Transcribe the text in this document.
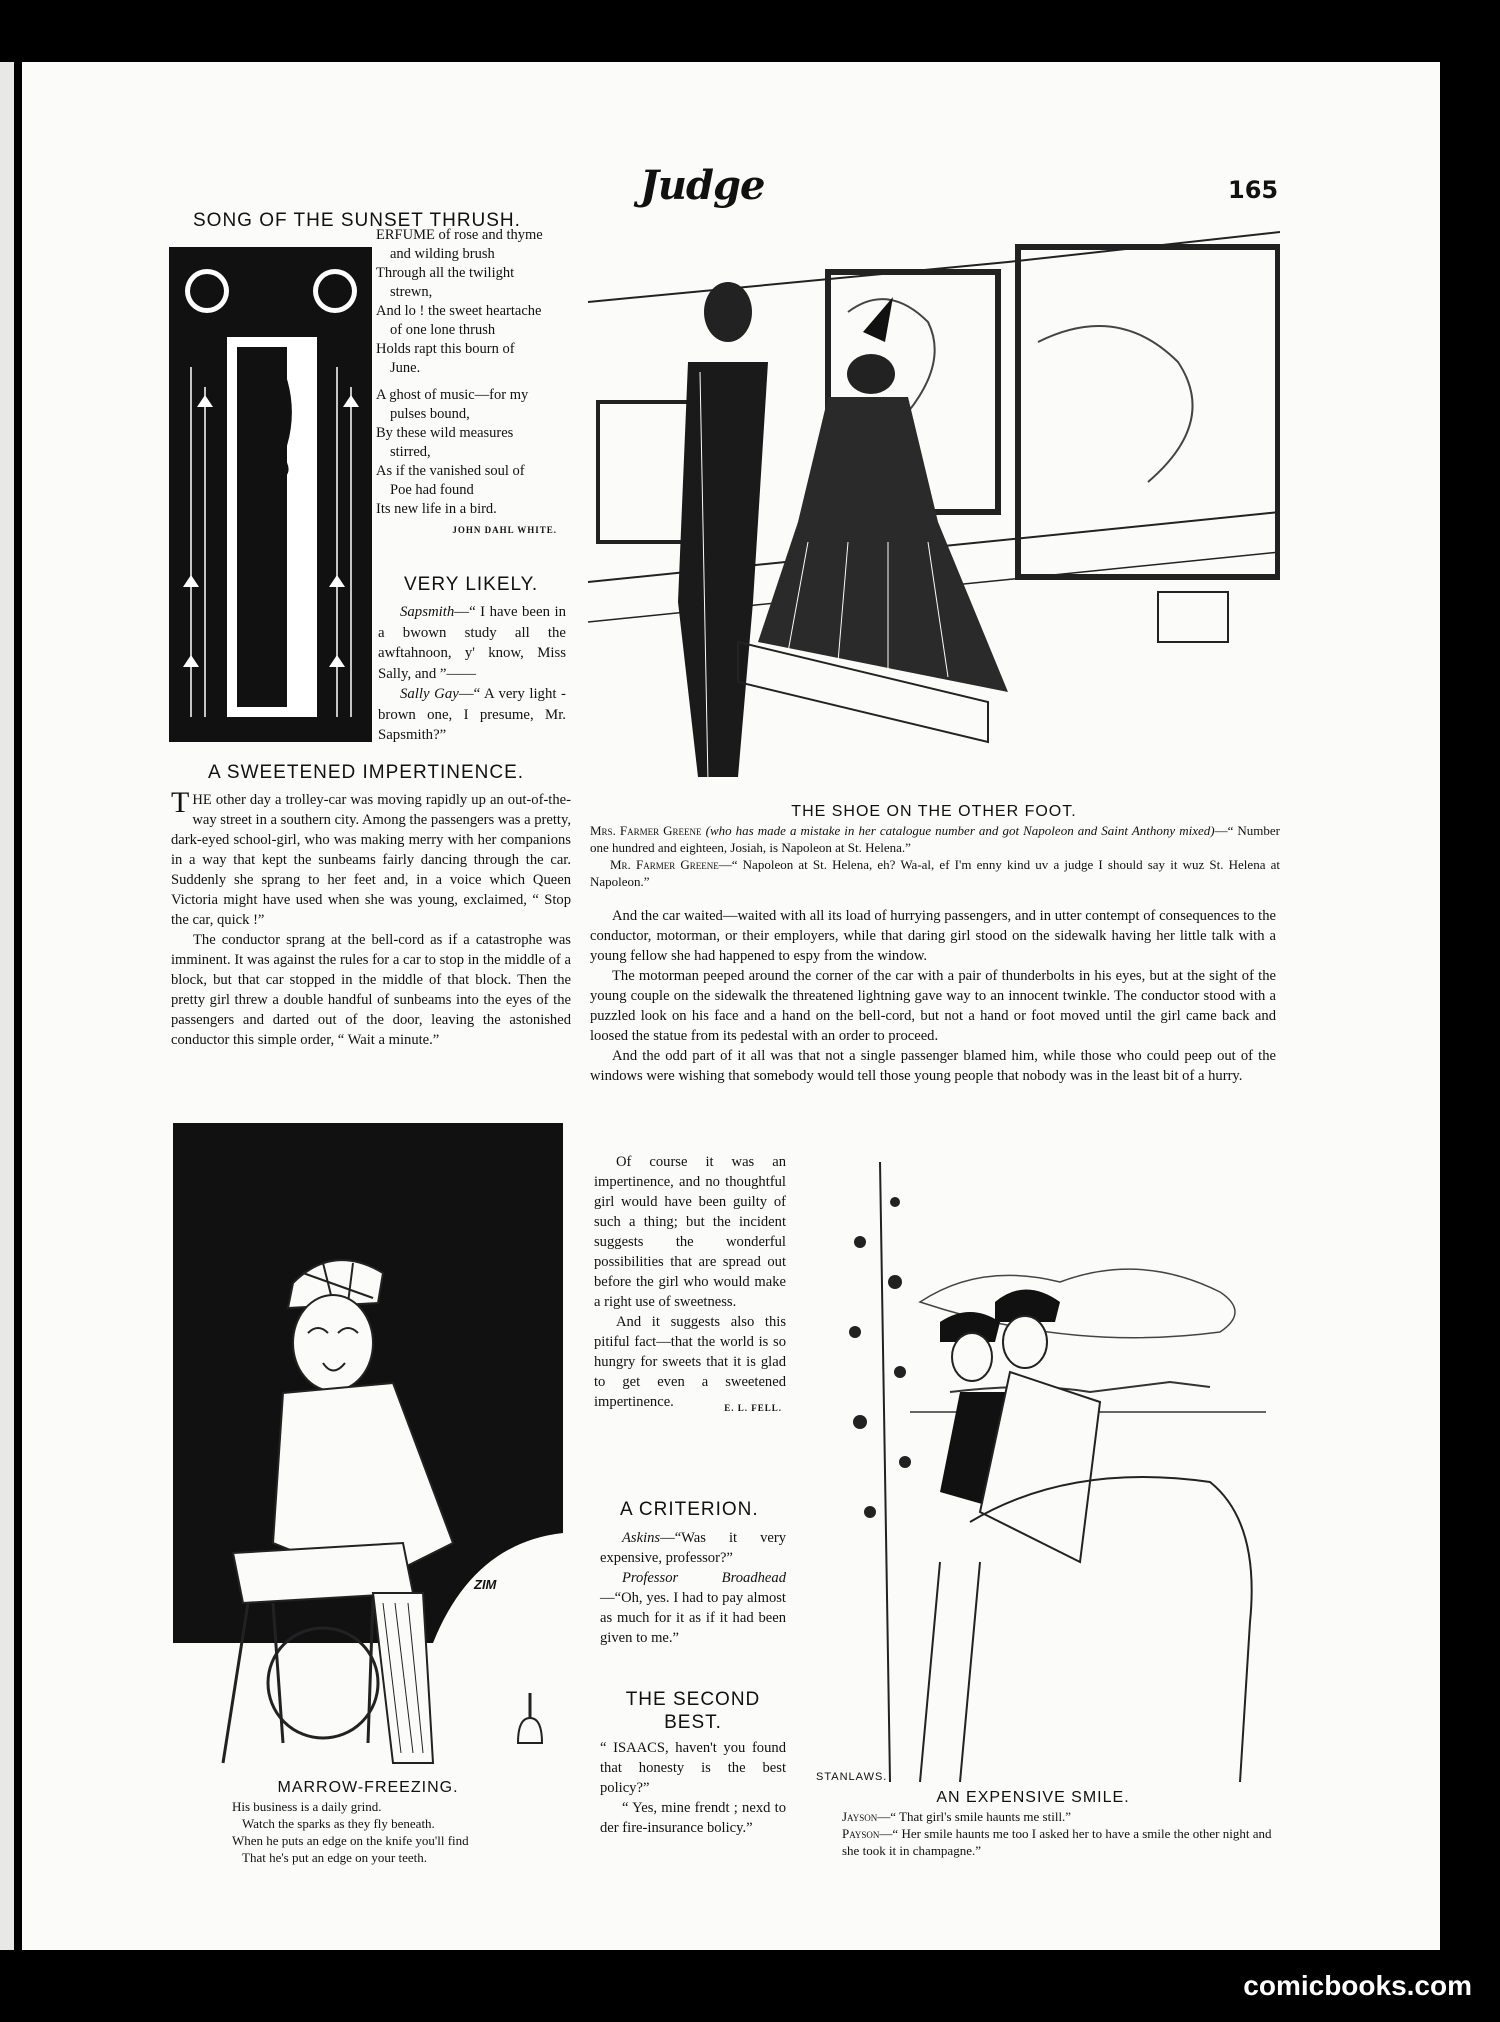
Judge	165
SONG OF THE SUNSET THRUSH.
ERFUME of rose and thyme
and wilding brush
Through all the twilight
strewn,
And lo ! the sweet heartache
of one lone thrush
Holds rapt this bourn of
June.
A ghost of music—for my
pulses bound,
By these wild measures
stirred,
As if the vanished soul of
Poe had found
Its new life in a bird.
JOHN DAHL WHITE.
VERY LIKELY.

Sapsmith—“ I have been in a bwown study all the awftahnoon, y' know, Miss Sally, and ”——

Sally Gay—“ A very light - brown one, I presume, Mr. Sapsmith?”

A SWEETENED IMPERTINENCE.

THE other day a trolley-car was moving rapidly up an out-of-the-way street in a southern city. Among the passengers was a pretty, dark-eyed school-girl, who was making merry with her companions in a way that kept the sunbeams fairly dancing through the car. Suddenly she sprang to her feet and, in a voice which Queen Victoria might have used when she was young, exclaimed, “ Stop the car, quick !”

The conductor sprang at the bell-cord as if a catastrophe was imminent. It was against the rules for a car to stop in the middle of a block, but that car stopped in the middle of that block. Then the pretty girl threw a double handful of sunbeams into the eyes of the passengers and darted out of the door, leaving the astonished conductor this simple order, “ Wait a minute.”

THE SHOE ON THE OTHER FOOT.
Mrs. Farmer Greene (who has made a mistake in her catalogue number and got Napoleon and Saint Anthony mixed)—“ Number one hundred and eighteen, Josiah, is Napoleon at St. Helena.”
Mr. Farmer Greene—“ Napoleon at St. Helena, eh? Wa-al, ef I'm enny kind uv a judge I should say it wuz St. Helena at Napoleon.”

And the car waited—waited with all its load of hurrying passengers, and in utter contempt of consequences to the conductor, motorman, or their employers, while that daring girl stood on the sidewalk having her little talk with a young fellow she had happened to espy from the window.

The motorman peeped around the corner of the car with a pair of thunderbolts in his eyes, but at the sight of the young couple on the sidewalk the threatened lightning gave way to an innocent twinkle. The conductor stood with a puzzled look on his face and a hand on the bell-cord, but not a hand or foot moved until the girl came back and loosed the statue from its pedestal with an order to proceed.

And the odd part of it all was that not a single passenger blamed him, while those who could peep out of the windows were wishing that somebody would tell those young people that nobody was in the least bit of a hurry.

Of course it was an impertinence, and no thoughtful girl would have been guilty of such a thing; but the incident suggests the wonderful possibilities that are spread out before the girl who would make a right use of sweetness.

And it suggests also this pitiful fact—that the world is so hungry for sweets that it is glad to get even a sweetened impertinence.	E. L. FELL.
ZIM
MARROW-FREEZING.
His business is a daily grind.
Watch the sparks as they fly beneath.
When he puts an edge on the knife you'll find
That he's put an edge on your teeth.
A CRITERION.

Askins—“Was it very expensive, professor?”

Professor Broadhead—“Oh, yes. I had to pay almost as much for it as if it had been given to me.”

THE SECOND BEST.

“ ISAACS, haven't you found that honesty is the best policy?”

“ Yes, mine frendt ; nexd to der fire-insurance bolicy.”

STANLAWS.
AN EXPENSIVE SMILE.
Jayson—“ That girl's smile haunts me still.”
Payson—“ Her smile haunts me too I asked her to have a smile the other night and she took it in champagne.”
comicbooks.com
